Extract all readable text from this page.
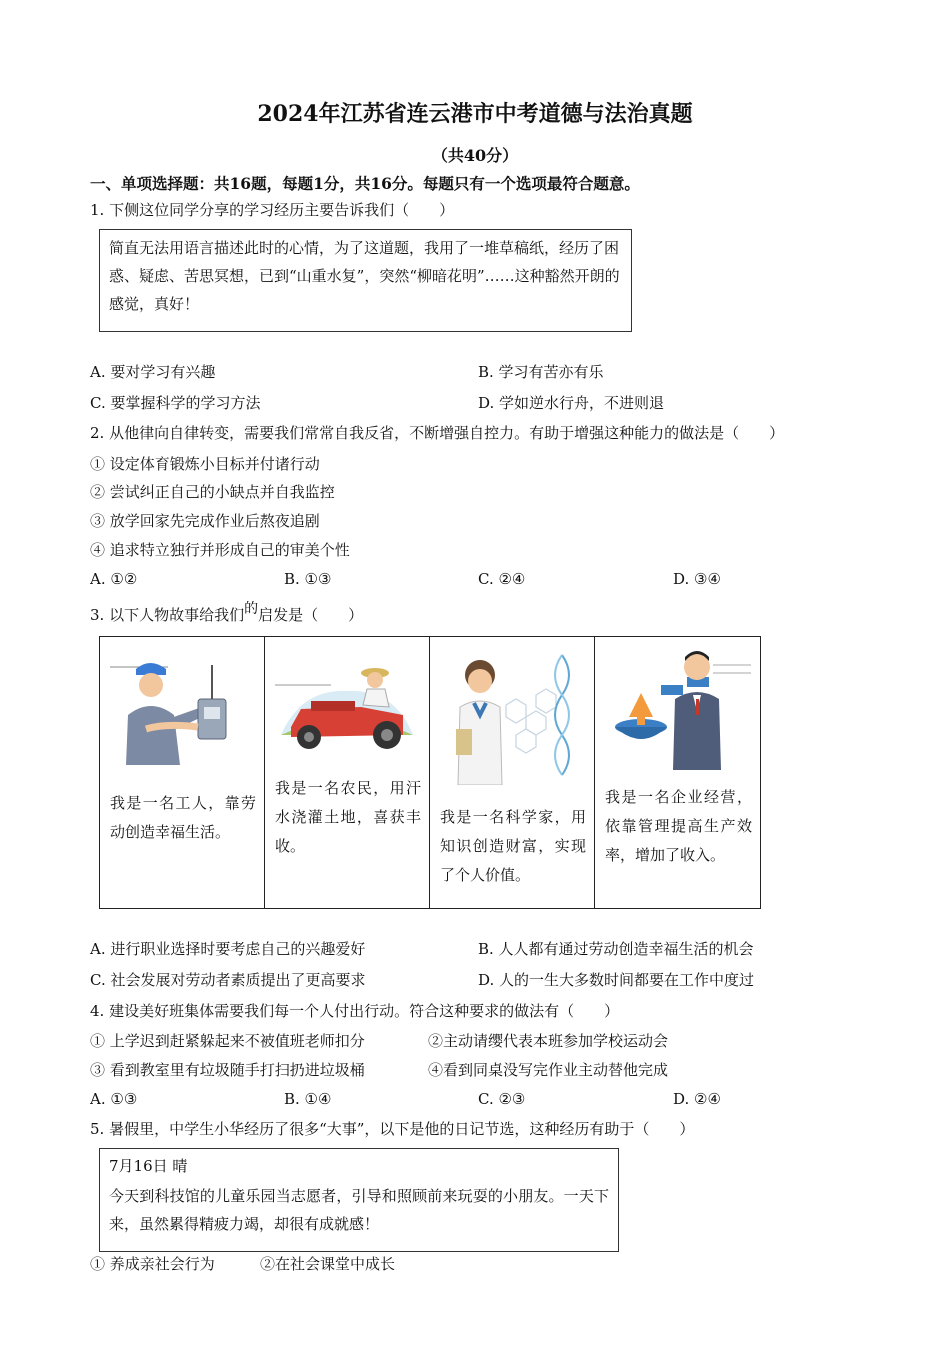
2024年江苏省连云港市中考道德与法治真题
（共40分）
一、单项选择题：共16题，每题1分，共16分。每题只有一个选项最符合题意。
1. 下侧这位同学分享的学习经历主要告诉我们（　　）
简直无法用语言描述此时的心情，为了这道题，我用了一堆草稿纸，经历了困惑、疑虑、苦思冥想，已到“山重水复”，突然“柳暗花明”……这种豁然开朗的感觉，真好！
A. 要对学习有兴趣	B. 学习有苦亦有乐
C. 要掌握科学的学习方法	D. 学如逆水行舟，不进则退
2. 从他律向自律转变，需要我们常常自我反省，不断增强自控力。有助于增强这种能力的做法是（　　）
① 设定体育锻炼小目标并付诸行动
② 尝试纠正自己的小缺点并自我监控
③ 放学回家先完成作业后熬夜追剧
④ 追求特立独行并形成自己的审美个性
A. ①②	B. ①③	C. ②④	D. ③④
3. 以下人物故事给我们的启发是（　　）
我是一名工人，靠劳动创造幸福生活。
我是一名农民，用汗水浇灌土地，喜获丰收。
我是一名科学家，用知识创造财富，实现了个人价值。
我是一名企业经营，依靠管理提高生产效率，增加了收入。
A. 进行职业选择时要考虑自己的兴趣爱好	B. 人人都有通过劳动创造幸福生活的机会
C. 社会发展对劳动者素质提出了更高要求	D. 人的一生大多数时间都要在工作中度过
4. 建设美好班集体需要我们每一个人付出行动。符合这种要求的做法有（　　）
① 上学迟到赶紧躲起来不被值班老师扣分	②主动请缨代表本班参加学校运动会
③ 看到教室里有垃圾随手打扫扔进垃圾桶	④看到同桌没写完作业主动替他完成
A. ①③	B. ①④	C. ②③	D. ②④
5. 暑假里，中学生小华经历了很多“大事”，以下是他的日记节选，这种经历有助于（　　）
7月16日 晴
今天到科技馆的儿童乐园当志愿者，引导和照顾前来玩耍的小朋友。一天下来，虽然累得精疲力竭，却很有成就感！
① 养成亲社会行为	②在社会课堂中成长
